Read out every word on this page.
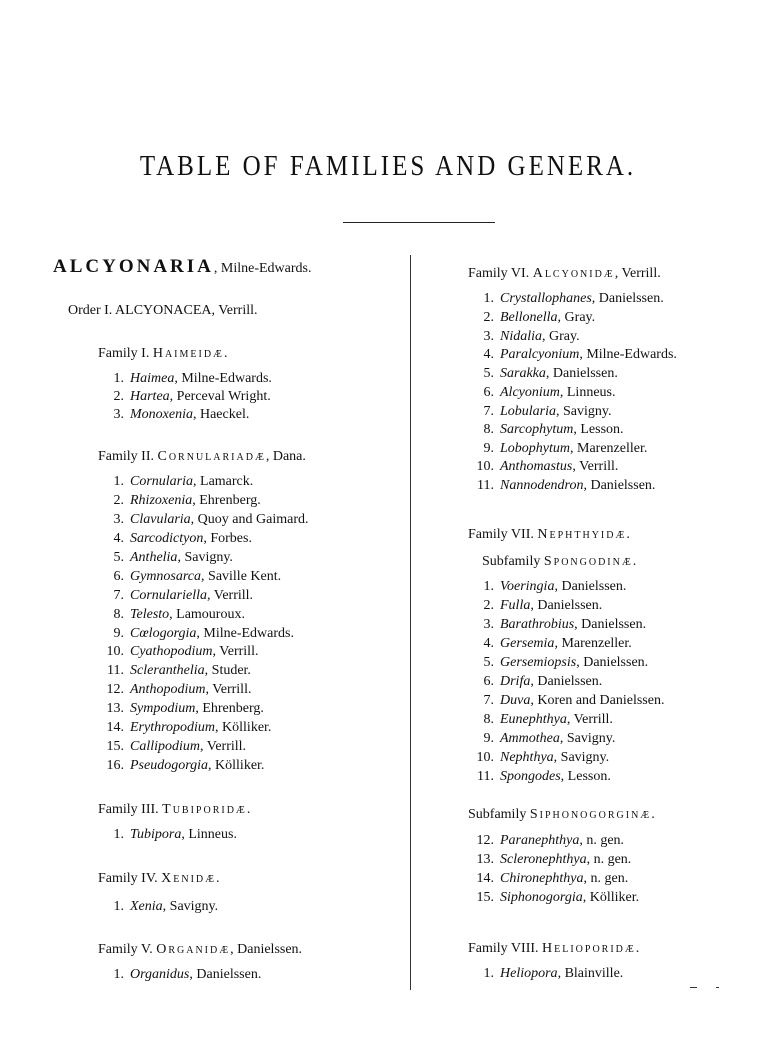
TABLE OF FAMILIES AND GENERA.
ALCYONARIA, Milne-Edwards.
Order I. ALCYONACEA, Verrill.
Family I. Haimeidæ.
1. Haimea, Milne-Edwards.
2. Hartea, Perceval Wright.
3. Monoxenia, Haeckel.
Family II. Cornulariadæ, Dana.
1. Cornularia, Lamarck.
2. Rhizoxenia, Ehrenberg.
3. Clavularia, Quoy and Gaimard.
4. Sarcodictyon, Forbes.
5. Anthelia, Savigny.
6. Gymnosarca, Saville Kent.
7. Cornulariella, Verrill.
8. Telesto, Lamouroux.
9. Cœlogorgia, Milne-Edwards.
10. Cyathopodium, Verrill.
11. Scleranthelia, Studer.
12. Anthopodium, Verrill.
13. Sympodium, Ehrenberg.
14. Erythropodium, Kölliker.
15. Callipodium, Verrill.
16. Pseudogorgia, Kölliker.
Family III. Tubiporidæ.
1. Tubipora, Linneus.
Family IV. Xenidæ.
1. Xenia, Savigny.
Family V. Organidæ, Danielssen.
1. Organidus, Danielssen.
Family VI. Alcyonidæ, Verrill.
1. Crystallophanes, Danielssen.
2. Bellonella, Gray.
3. Nidalia, Gray.
4. Paralcyonium, Milne-Edwards.
5. Sarakka, Danielssen.
6. Alcyonium, Linneus.
7. Lobularia, Savigny.
8. Sarcophytum, Lesson.
9. Lobophytum, Marenzeller.
10. Anthomastus, Verrill.
11. Nannodendron, Danielssen.
Family VII. Nephthyidæ.
Subfamily Spongodinæ.
1. Voeringia, Danielssen.
2. Fulla, Danielssen.
3. Barathrobius, Danielssen.
4. Gersemia, Marenzeller.
5. Gersemiopsis, Danielssen.
6. Drifa, Danielssen.
7. Duva, Koren and Danielssen.
8. Eunephthya, Verrill.
9. Ammothea, Savigny.
10. Nephthya, Savigny.
11. Spongodes, Lesson.
Subfamily Siphonogorginæ.
12. Paranephthya, n. gen.
13. Scleronephthya, n. gen.
14. Chironephthya, n. gen.
15. Siphonogorgia, Kölliker.
Family VIII. Helioporidæ.
1. Heliopora, Blainville.
